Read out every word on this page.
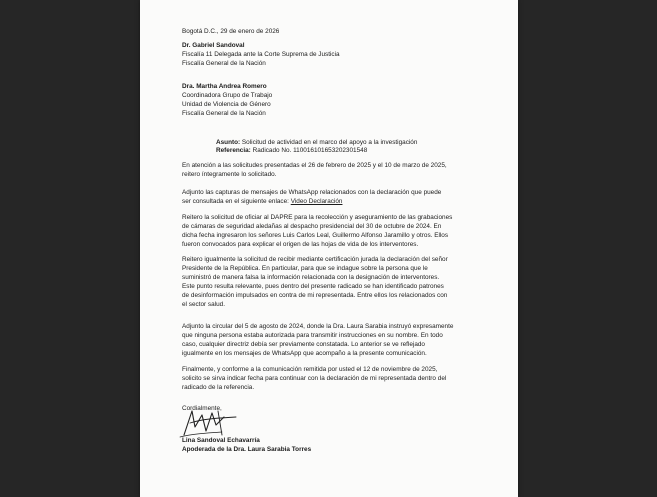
Bogotá D.C., 29 de enero de 2026
Dr. Gabriel Sandoval
Fiscalía 11 Delegada ante la Corte Suprema de Justicia
Fiscalía General de la Nación
Dra. Martha Andrea Romero
Coordinadora Grupo de Trabajo
Unidad de Violencia de Género
Fiscalía General de la Nación
Asunto: Solicitud de actividad en el marco del apoyo a la investigación
Referencia: Radicado No. 110016101653202301548
En atención a las solicitudes presentadas el 26 de febrero de 2025 y el 10 de marzo de 2025,
reitero íntegramente lo solicitado.
Adjunto las capturas de mensajes de WhatsApp relacionados con la declaración que puede
ser consultada en el siguiente enlace: Video Declaración
Reitero la solicitud de oficiar al DAPRE para la recolección y aseguramiento de las grabaciones
de cámaras de seguridad aledañas al despacho presidencial del 30 de octubre de 2024. En
dicha fecha ingresaron los señores Luis Carlos Leal, Guillermo Alfonso Jaramillo y otros. Ellos
fueron convocados para explicar el origen de las hojas de vida de los interventores.
Reitero igualmente la solicitud de recibir mediante certificación jurada la declaración del señor
Presidente de la República. En particular, para que se indague sobre la persona que le
suministró de manera falsa la información relacionada con la designación de interventores.
Este punto resulta relevante, pues dentro del presente radicado se han identificado patrones
de desinformación impulsados en contra de mi representada. Entre ellos los relacionados con
el sector salud.
Adjunto la circular del 5 de agosto de 2024, donde la Dra. Laura Sarabia instruyó expresamente
que ninguna persona estaba autorizada para transmitir instrucciones en su nombre. En todo
caso, cualquier directriz debía ser previamente constatada. Lo anterior se ve reflejado
igualmente en los mensajes de WhatsApp que acompaño a la presente comunicación.
Finalmente, y conforme a la comunicación remitida por usted el 12 de noviembre de 2025,
solicito se sirva indicar fecha para continuar con la declaración de mi representada dentro del
radicado de la referencia.
Cordialmente,
Lina Sandoval Echavarría
Apoderada de la Dra. Laura Sarabia Torres
